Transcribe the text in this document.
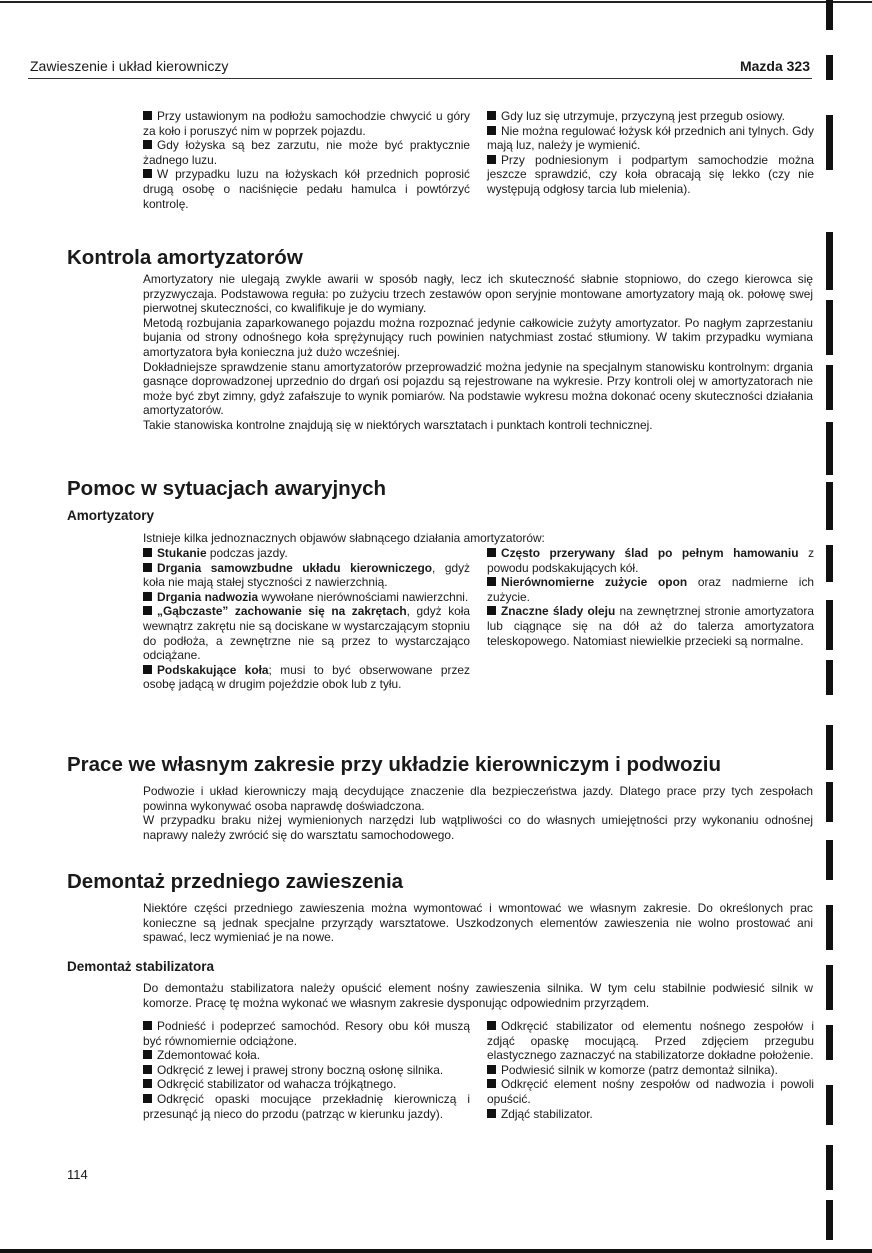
Zawieszenie i układ kierowniczy	Mazda 323

Przy ustawionym na podłożu samochodzie chwycić u góry za koło i poruszyć nim w poprzek pojazdu.

Gdy łożyska są bez zarzutu, nie może być praktycznie żadnego luzu.

W przypadku luzu na łożyskach kół przednich poprosić drugą osobę o naciśnięcie pedału hamulca i powtórzyć kontrolę.

Gdy luz się utrzymuje, przyczyną jest przegub osiowy.

Nie można regulować łożysk kół przednich ani tylnych. Gdy mają luz, należy je wymienić.

Przy podniesionym i podpartym samochodzie można jeszcze sprawdzić, czy koła obracają się lekko (czy nie występują odgłosy tarcia lub mielenia).

Kontrola amortyzatorów

Amortyzatory nie ulegają zwykle awarii w sposób nagły, lecz ich skuteczność słabnie stopniowo, do czego kierowca się przyzwyczaja. Podstawowa reguła: po zużyciu trzech zestawów opon seryjnie montowane amortyzatory mają ok. połowę swej pierwotnej skuteczności, co kwalifikuje je do wymiany.

Metodą rozbujania zaparkowanego pojazdu można rozpoznać jedynie całkowicie zużyty amortyzator. Po nagłym zaprzestaniu bujania od strony odnośnego koła sprężynujący ruch powinien natychmiast zostać stłumiony. W takim przypadku wymiana amortyzatora była konieczna już dużo wcześniej.

Dokładniejsze sprawdzenie stanu amortyzatorów przeprowadzić można jedynie na specjalnym stanowisku kontrolnym: drgania gasnące doprowadzonej uprzednio do drgań osi pojazdu są rejestrowane na wykresie. Przy kontroli olej w amortyzatorach nie może być zbyt zimny, gdyż zafałszuje to wynik pomiarów. Na podstawie wykresu można dokonać oceny skuteczności działania amortyzatorów.

Takie stanowiska kontrolne znajdują się w niektórych warsztatach i punktach kontroli technicznej.

Pomoc w sytuacjach awaryjnych
Amortyzatory

Istnieje kilka jednoznacznych objawów słabnącego działania amortyzatorów:

Stukanie podczas jazdy.

Drgania samowzbudne układu kierowniczego, gdyż koła nie mają stałej styczności z nawierzchnią.

Drgania nadwozia wywołane nierównościami nawierzchni.

„Gąbczaste” zachowanie się na zakrętach, gdyż koła wewnątrz zakrętu nie są dociskane w wystarczającym stopniu do podłoża, a zewnętrzne nie są przez to wystarczająco odciążane.

Podskakujące koła; musi to być obserwowane przez osobę jadącą w drugim pojeździe obok lub z tyłu.

Często przerywany ślad po pełnym hamowaniu z powodu podskakujących kół.

Nierównomierne zużycie opon oraz nadmierne ich zużycie.

Znaczne ślady oleju na zewnętrznej stronie amortyzatora lub ciągnące się na dół aż do talerza amortyzatora teleskopowego. Natomiast niewielkie przecieki są normalne.

Prace we własnym zakresie przy układzie kierowniczym i podwoziu

Podwozie i układ kierowniczy mają decydujące znaczenie dla bezpieczeństwa jazdy. Dlatego prace przy tych zespołach powinna wykonywać osoba naprawdę doświadczona.

W przypadku braku niżej wymienionych narzędzi lub wątpliwości co do własnych umiejętności przy wykonaniu odnośnej naprawy należy zwrócić się do warsztatu samochodowego.

Demontaż przedniego zawieszenia

Niektóre części przedniego zawieszenia można wymontować i wmontować we własnym zakresie. Do określonych prac konieczne są jednak specjalne przyrządy warsztatowe. Uszkodzonych elementów zawieszenia nie wolno prostować ani spawać, lecz wymieniać je na nowe.

Demontaż stabilizatora

Do demontażu stabilizatora należy opuścić element nośny zawieszenia silnika. W tym celu stabilnie podwiesić silnik w komorze. Pracę tę można wykonać we własnym zakresie dysponując odpowiednim przyrządem.

Podnieść i podeprzeć samochód. Resory obu kół muszą być równomiernie odciążone.

Zdemontować koła.

Odkręcić z lewej i prawej strony boczną osłonę silnika.

Odkręcić stabilizator od wahacza trójkątnego.

Odkręcić opaski mocujące przekładnię kierowniczą i przesunąć ją nieco do przodu (patrząc w kierunku jazdy).

Odkręcić stabilizator od elementu nośnego zespołów i zdjąć opaskę mocującą. Przed zdjęciem przegubu elastycznego zaznaczyć na stabilizatorze dokładne położenie.

Podwiesić silnik w komorze (patrz demontaż silnika).

Odkręcić element nośny zespołów od nadwozia i powoli opuścić.

Zdjąć stabilizator.

114
